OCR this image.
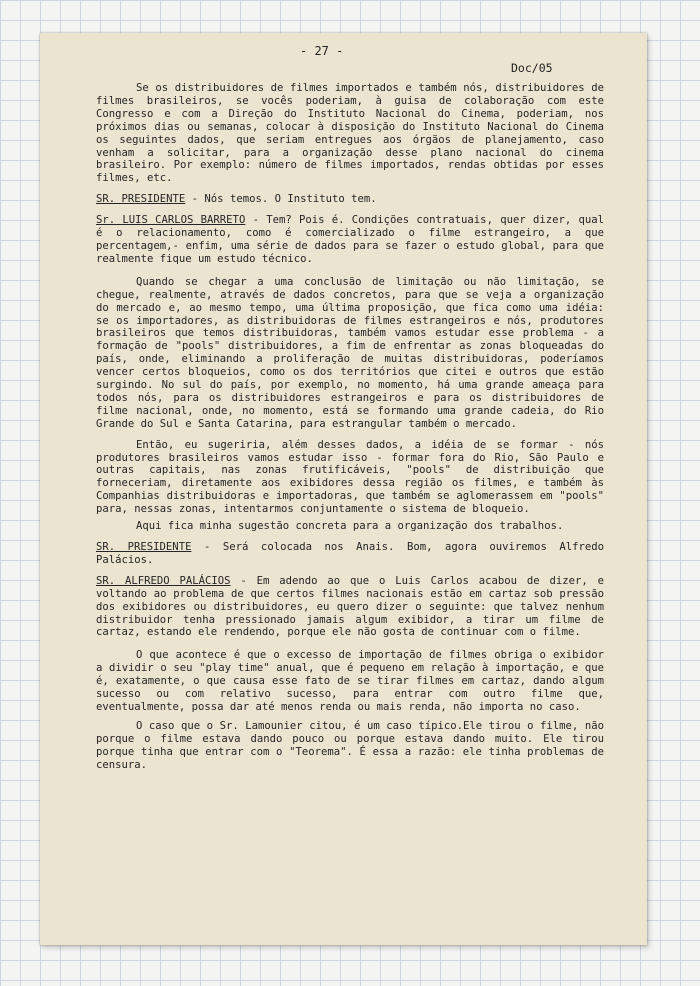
- 27 -
Doc/05

Se os distribuidores de filmes importados e também nós, distribuidores de filmes brasileiros, se vocês poderiam, à guisa de colaboração com este Congresso e com a Direção do Instituto Nacional do Cinema, poderiam, nos próximos dias ou semanas, colocar à disposição do Instituto Nacional do Cinema os seguintes dados, que seriam entregues aos órgãos de planejamento, caso venham a solicitar, para a organização desse plano nacional do cinema brasileiro. Por exemplo: número de filmes importados, rendas obtidas por esses filmes, etc.

SR. PRESIDENTE - Nós temos. O Instituto tem.

Sr. LUIS CARLOS BARRETO - Tem? Pois é. Condições contratuais, quer dizer, qual é o relacionamento, como é comercializado o filme estrangeiro, a que percentagem,- enfim, uma série de dados para se fazer o estudo global, para que realmente fique um estudo técnico.

Quando se chegar a uma conclusão de limitação ou não limitação, se chegue, realmente, através de dados concretos, para que se veja a organização do mercado e, ao mesmo tempo, uma última proposição, que fica como uma idéia: se os importadores, as distribuidoras de filmes estrangeiros e nós, produtores brasileiros que temos distribuidoras, também vamos estudar esse problema - a formação de "pools" distribuidores, a fim de enfrentar as zonas bloqueadas do país, onde, eliminando a proliferação de muitas distribuidoras, poderíamos vencer certos bloqueios, como os dos territórios que citei e outros que estão surgindo. No sul do país, por exemplo, no momento, há uma grande ameaça para todos nós, para os distribuidores estrangeiros e para os distribuidores de filme nacional, onde, no momento, está se formando uma grande cadeia, do Rio Grande do Sul e Santa Catarina, para estrangular também o mercado.

Então, eu sugeriria, além desses dados, a idéia de se formar - nós produtores brasileiros vamos estudar isso - formar fora do Rio, São Paulo e outras capitais, nas zonas frutificáveis, "pools" de distribuição que forneceriam, diretamente aos exibidores dessa região os filmes, e também às Companhias distribuidoras e importadoras, que também se aglomerassem em "pools" para, nessas zonas, intentarmos conjuntamente o sistema de bloqueio.

Aqui fica minha sugestão concreta para a organização dos trabalhos.

SR. PRESIDENTE - Será colocada nos Anais. Bom, agora ouviremos Alfredo Palácios.

SR. ALFREDO PALÁCIOS - Em adendo ao que o Luis Carlos acabou de dizer, e voltando ao problema de que certos filmes nacionais estão em cartaz sob pressão dos exibidores ou distribuidores, eu quero dizer o seguinte: que talvez nenhum distribuidor tenha pressionado jamais algum exibidor, a tirar um filme de cartaz, estando ele rendendo, porque ele não gosta de continuar com o filme.

O que acontece é que o excesso de importação de filmes obriga o exibidor a dividir o seu "play time" anual, que é pequeno em relação à importação, e que é, exatamente, o que causa esse fato de se tirar filmes em cartaz, dando algum sucesso ou com relativo sucesso, para entrar com outro filme que, eventualmente, possa dar até menos renda ou mais renda, não importa no caso.

O caso que o Sr. Lamounier citou, é um caso típico.Ele tirou o filme, não porque o filme estava dando pouco ou porque estava dando muito. Ele tirou porque tinha que entrar com o "Teorema". É essa a razão: ele tinha problemas de censura.
